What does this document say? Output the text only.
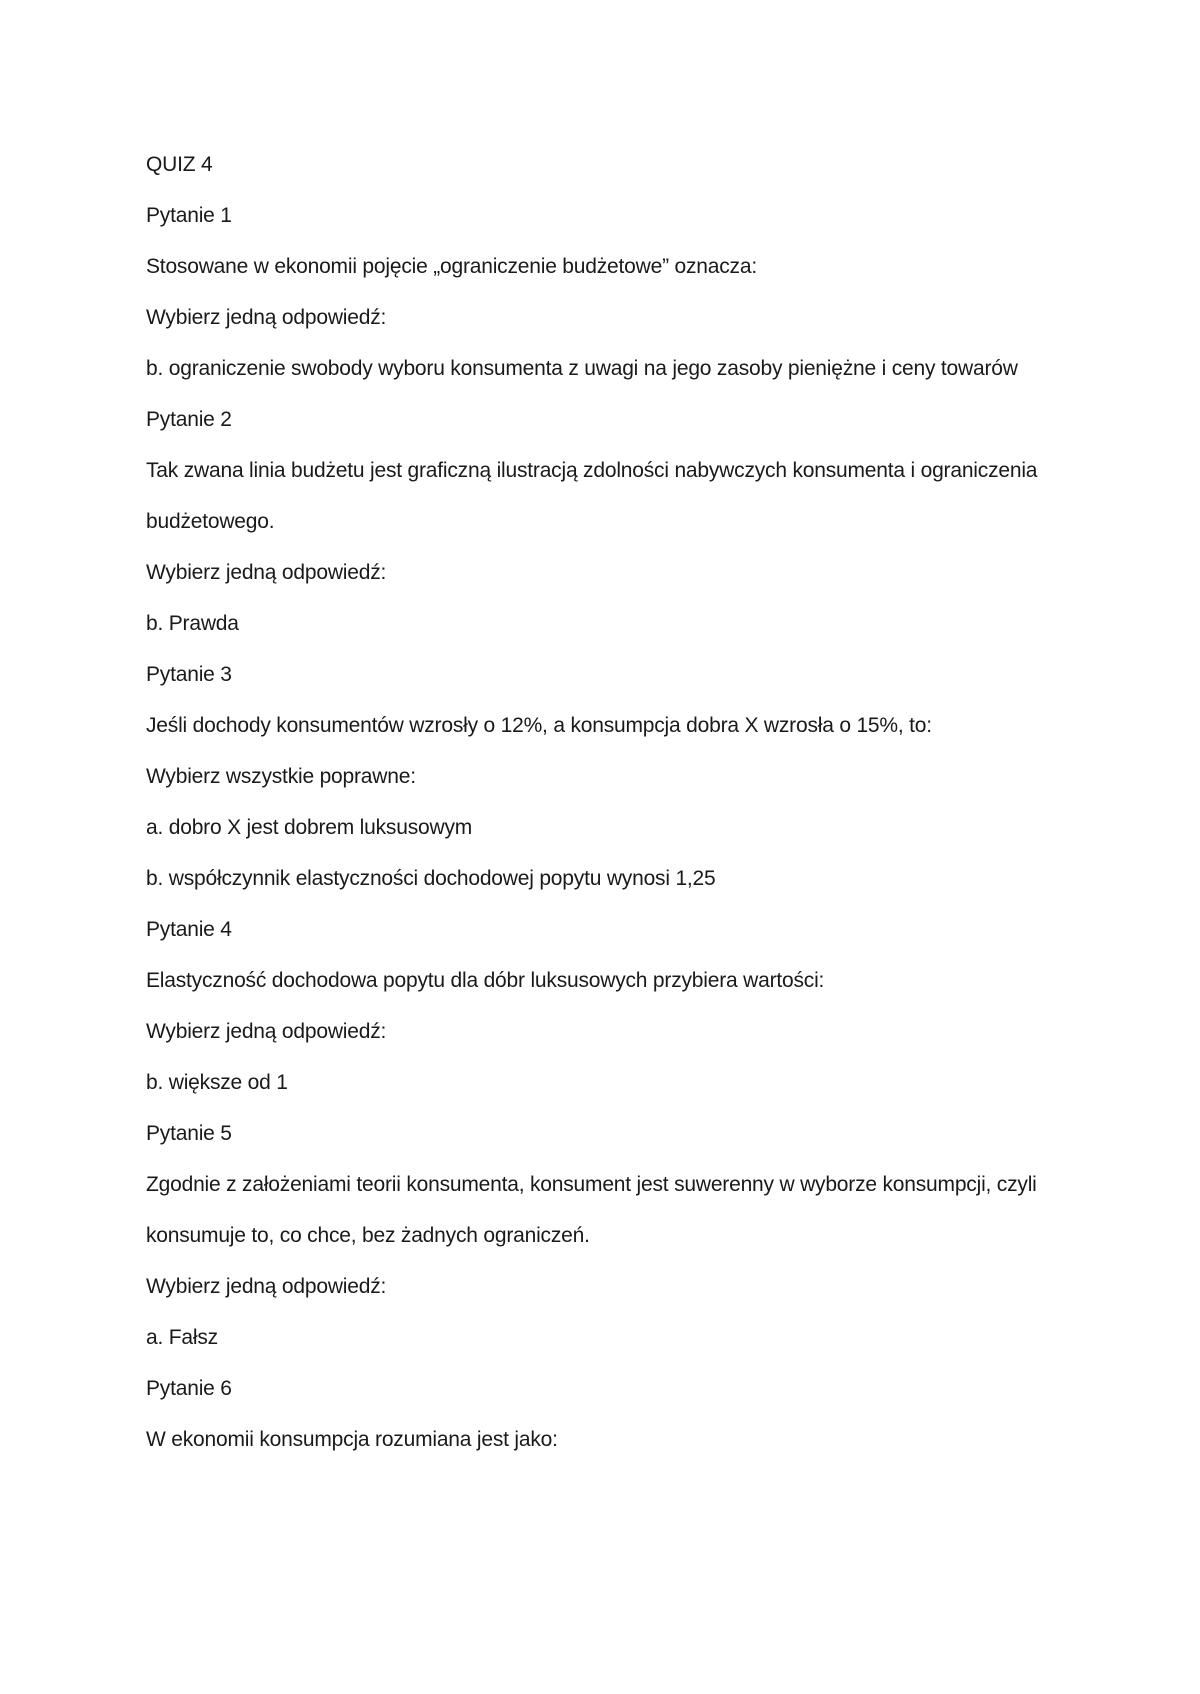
QUIZ 4
Pytanie 1
Stosowane w ekonomii pojęcie „ograniczenie budżetowe” oznacza:
Wybierz jedną odpowiedź:
b. ograniczenie swobody wyboru konsumenta z uwagi na jego zasoby pieniężne i ceny towarów
Pytanie 2
Tak zwana linia budżetu jest graficzną ilustracją zdolności nabywczych konsumenta i ograniczenia
budżetowego.
Wybierz jedną odpowiedź:
b. Prawda
Pytanie 3
Jeśli dochody konsumentów wzrosły o 12%, a konsumpcja dobra X wzrosła o 15%, to:
Wybierz wszystkie poprawne:
a. dobro X jest dobrem luksusowym
b. współczynnik elastyczności dochodowej popytu wynosi 1,25
Pytanie 4
Elastyczność dochodowa popytu dla dóbr luksusowych przybiera wartości:
Wybierz jedną odpowiedź:
b. większe od 1
Pytanie 5
Zgodnie z założeniami teorii konsumenta, konsument jest suwerenny w wyborze konsumpcji, czyli
konsumuje to, co chce, bez żadnych ograniczeń.
Wybierz jedną odpowiedź:
a. Fałsz
Pytanie 6
W ekonomii konsumpcja rozumiana jest jako:
